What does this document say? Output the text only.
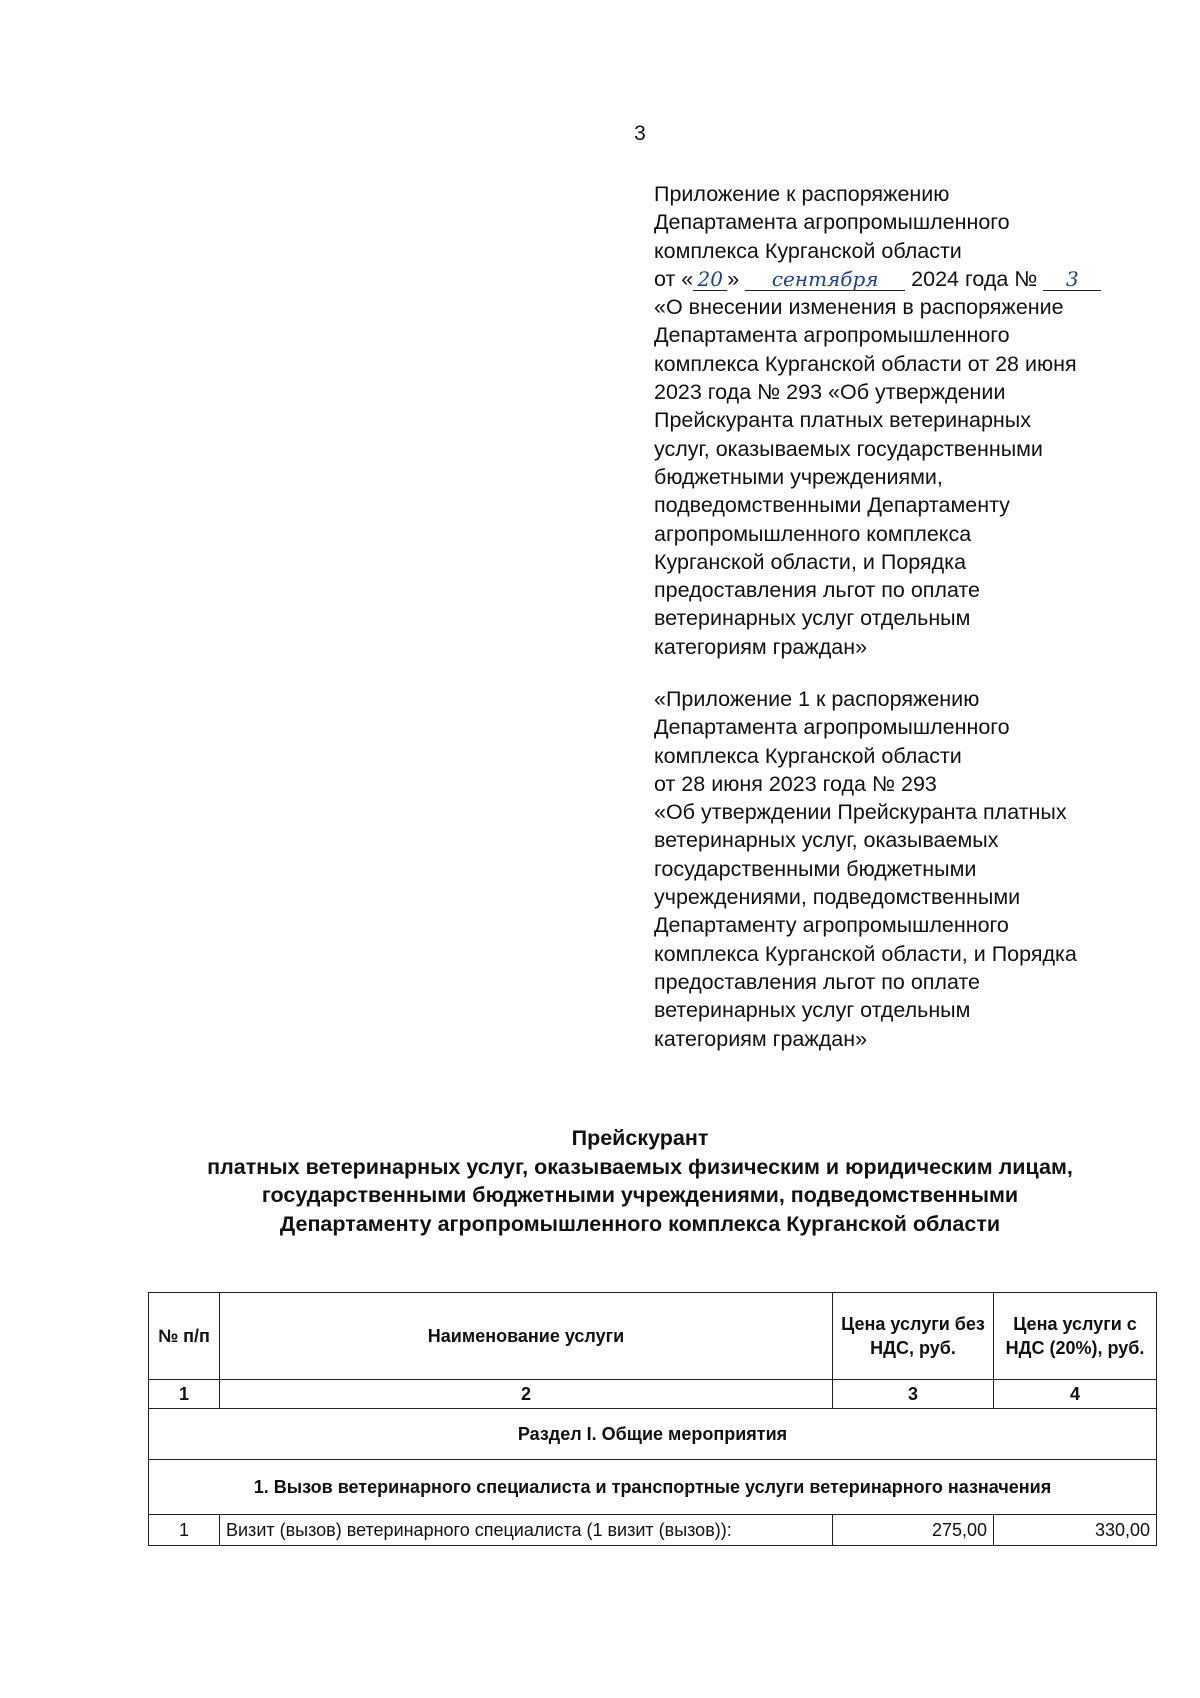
3
Приложение к распоряжению
Департамента агропромышленного
комплекса Курганской области
от « 20 » сентября 2024 года № 3
«О внесении изменения в распоряжение
Департамента агропромышленного
комплекса Курганской области от 28 июня
2023 года № 293 «Об утверждении
Прейскуранта платных ветеринарных
услуг, оказываемых государственными
бюджетными учреждениями,
подведомственными Департаменту
агропромышленного комплекса
Курганской области, и Порядка
предоставления льгот по оплате
ветеринарных услуг отдельным
категориям граждан»
«Приложение 1 к распоряжению
Департамента агропромышленного
комплекса Курганской области
от 28 июня 2023 года № 293
«Об утверждении Прейскуранта платных
ветеринарных услуг, оказываемых
государственными бюджетными
учреждениями, подведомственными
Департаменту агропромышленного
комплекса Курганской области, и Порядка
предоставления льгот по оплате
ветеринарных услуг отдельным
категориям граждан»
Прейскурант
платных ветеринарных услуг, оказываемых физическим и юридическим лицам,
государственными бюджетными учреждениями, подведомственными
Департаменту агропромышленного комплекса Курганской области
№ п/п	Наименование услуги	Цена услуги без НДС, руб.	Цена услуги с НДС (20%), руб.
1	2	3	4
Раздел I. Общие мероприятия			
1. Вызов ветеринарного специалиста и транспортные услуги ветеринарного назначения			
1	Визит (вызов) ветеринарного специалиста (1 визит (вызов)):	275,00	330,00
